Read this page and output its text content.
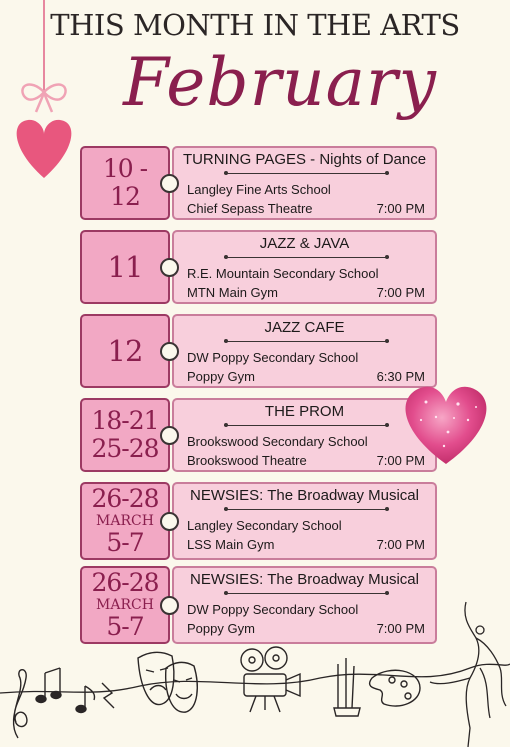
THIS MONTH IN THE ARTS
February
10 -
12
TURNING PAGES - Nights of Dance
Langley Fine Arts School
Chief Sepass Theatre	7:00 PM
11
JAZZ & JAVA
R.E. Mountain Secondary School
MTN Main Gym	7:00 PM
12
JAZZ CAFE
DW Poppy Secondary School
Poppy Gym	6:30 PM
18-21
25-28
THE PROM
Brookswood Secondary School
Brookswood Theatre	7:00 PM
26-28
MARCH
5-7
NEWSIES: The Broadway Musical
Langley Secondary School
LSS Main Gym	7:00 PM
26-28
MARCH
5-7
NEWSIES: The Broadway Musical
DW Poppy Secondary School
Poppy Gym	7:00 PM
